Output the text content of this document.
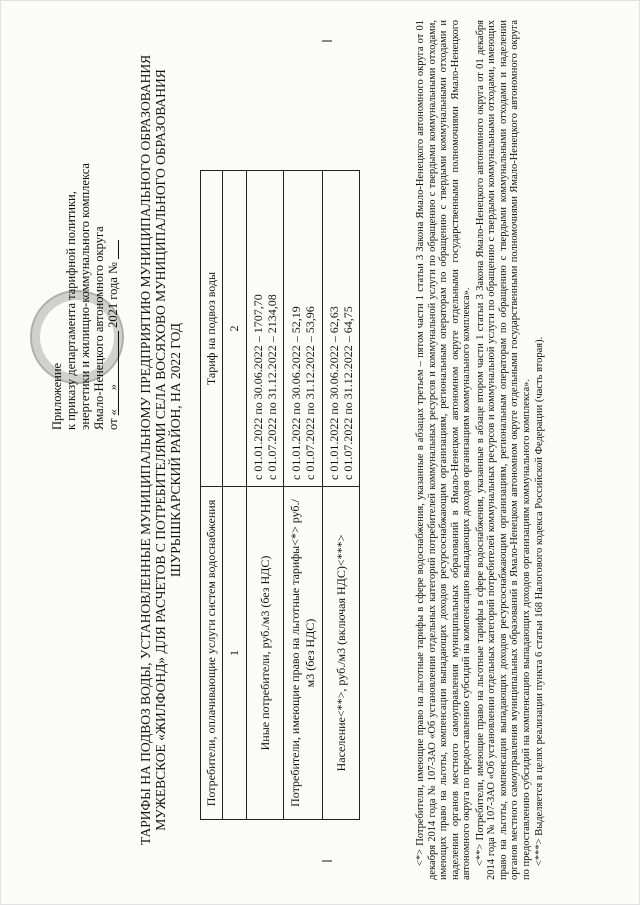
Приложение к приказу департамента тарифной политики, энергетики и жилищно-коммунального комплекса Ямало-Ненецкого автономного округа от «___» ________ 2021 года № ___ ТАРИФЫ НА ПОДВОЗ ВОДЫ, УСТАНОВЛЕННЫЕ МУНИЦИПАЛЬНОМУ ПРЕДПРИЯТИЮ МУНИЦИПАЛЬНОГО ОБРАЗОВАНИЯ МУЖЕВСКОЕ «ЖИЛФОНД» ДЛЯ РАСЧЕТОВ С ПОТРЕБИТЕЛЯМИ СЕЛА ВОСЯХОВО МУНИЦИПАЛЬНОГО ОБРАЗОВАНИЯ ШУРЫШКАРСКИЙ РАЙОН, НА 2022 ГОД
Потребители, оплачивающие услуги систем водоснабжения	Тариф на подвоз воды
1	2
Иные потребители, руб./м3 (без НДС)	с 01.01.2022 по 30.06.2022 – 1707,70 с 01.07.2022 по 31.12.2022 – 2134,08

Потребители, имеющие право на льготные тарифы<*> руб./м3 (без НДС)	с 01.01.2022 по 30.06.2022 – 52,19 с 01.07.2022 по 31.12.2022 – 53,96

Население<**>, руб./м3 (включая НДС)<***>	с 01.01.2022 по 30.06.2022 – 62,63 с 01.07.2022 по 31.12.2022 – 64,75	<*> Потребители, имеющие право на льготные тарифы в сфере водоснабжения, указанные в абзацах третьем – пятом части 1 статьи 3 Закона Ямало-Ненецкого автономного округа от 01 декабря 2014 года № 107-ЗАО «Об установлении отдельных категорий потребителей коммунальных ресурсов и коммунальной услуги по обращению с твердыми коммунальными отходами, имеющих право на льготы, компенсации выпадающих доходов ресурсоснабжающим организациям, региональным операторам по обращению с твердыми коммунальными отходами и наделении органов местного самоуправления муниципальных образований в Ямало-Ненецком автономном округе отдельными государственными полномочиями Ямало-Ненецкого автономного округа по предоставлению субсидий на компенсацию выпадающих доходов организациям коммунального комплекса». <**> Потребители, имеющие право на льготные тарифы в сфере водоснабжения, указанные в абзаце втором части 1 статьи 3 Закона Ямало-Ненецкого автономного округа от 01 декабря 2014 года № 107-ЗАО «Об установлении отдельных категорий потребителей коммунальных ресурсов и коммунальной услуги по обращению с твердыми коммунальными отходами, имеющих право на льготы, компенсации выпадающих доходов ресурсоснабжающим организациям, региональным операторам по обращению с твердыми коммунальными отходами и наделении органов местного самоуправления муниципальных образований в Ямало-Ненецком автономном округе отдельными государственными полномочиями Ямало-Ненецкого автономного округа по предоставлению субсидий на компенсацию выпадающих доходов организациям коммунального комплекса». <***> Выделяется в целях реализации пункта 6 статьи 168 Налогового кодекса Российской Федерации (часть вторая).
